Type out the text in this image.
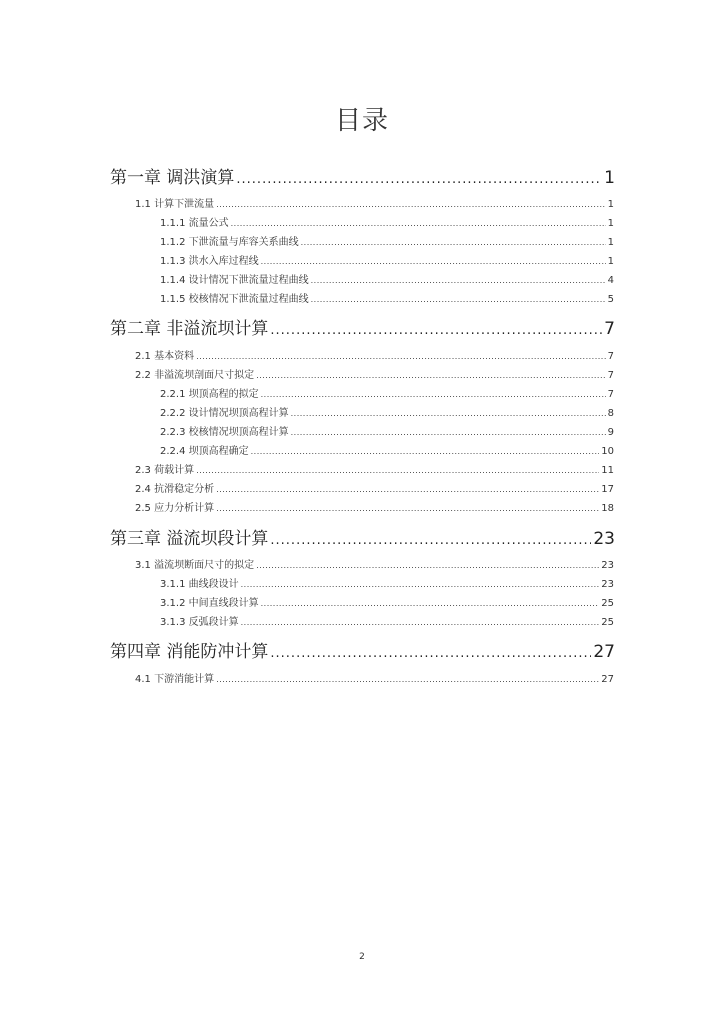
目录
第一章 调洪演算 .....	1
1.1 计算下泄流量 .....	1
1.1.1 流量公式 .....	1
1.1.2 下泄流量与库容关系曲线 .....	1
1.1.3 洪水入库过程线 .....	1
1.1.4 设计情况下泄流量过程曲线 .....	4
1.1.5 校核情况下泄流量过程曲线 .....	5
第二章 非溢流坝计算 .....	7
2.1 基本资料 .....	7
2.2 非溢流坝剖面尺寸拟定 .....	7
2.2.1 坝顶高程的拟定 .....	7
2.2.2 设计情况坝顶高程计算 .....	8
2.2.3 校核情况坝顶高程计算 .....	9
2.2.4 坝顶高程确定 .....	10
2.3 荷载计算 .....	11
2.4 抗滑稳定分析 .....	17
2.5 应力分析计算 .....	18
第三章 溢流坝段计算 .....	23
3.1 溢流坝断面尺寸的拟定 .....	23
3.1.1 曲线段设计 .....	23
3.1.2 中间直线段计算 .....	25
3.1.3 反弧段计算 .....	25
第四章 消能防冲计算 .....	27
4.1 下游消能计算 .....	27
2
